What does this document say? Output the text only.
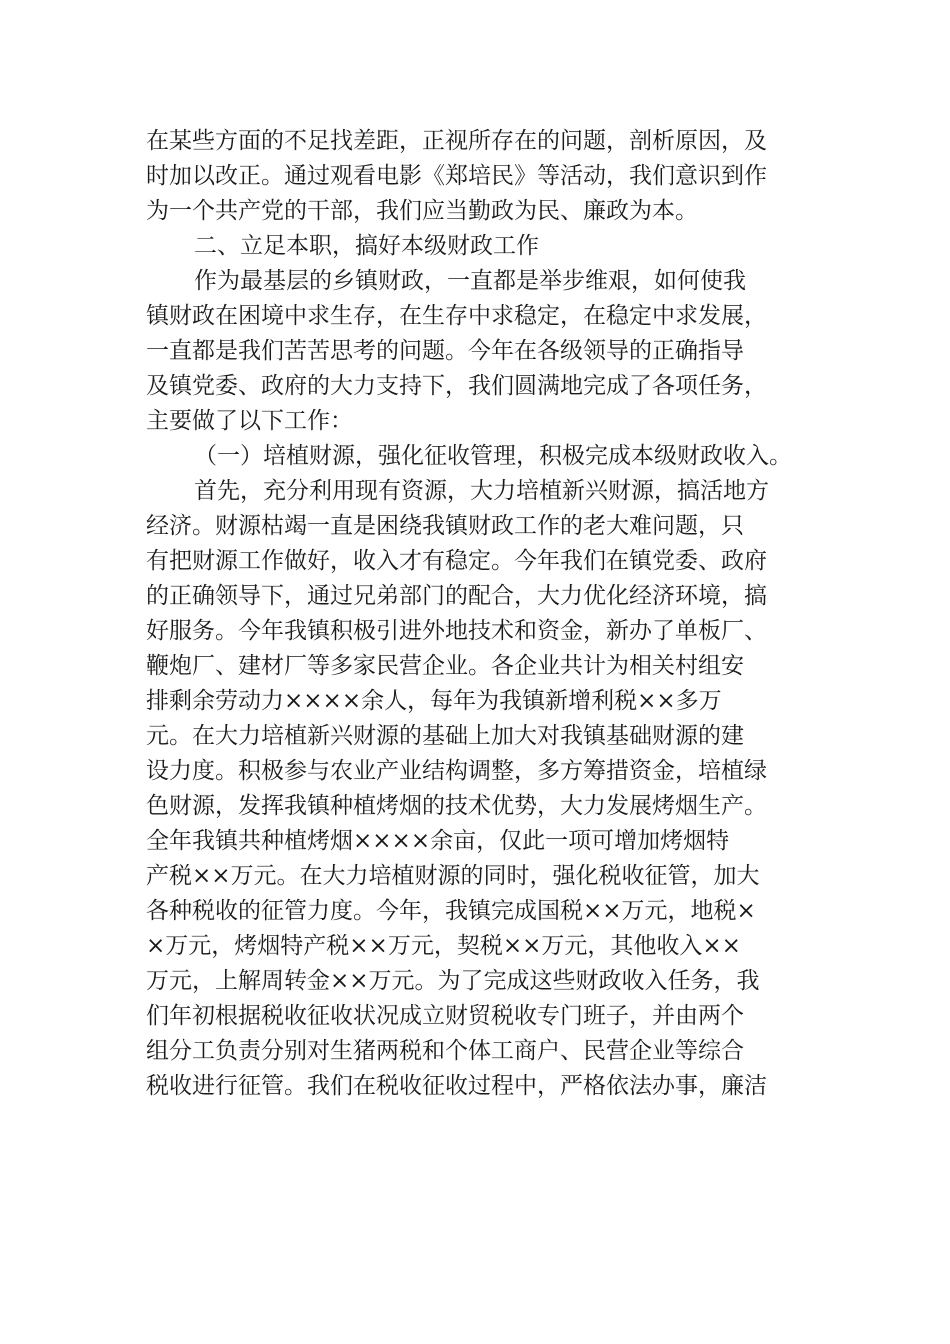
在某些方面的不足找差距，正视所存在的问题，剖析原因，及
时加以改正。通过观看电影《郑培民》等活动，我们意识到作
为一个共产党的干部，我们应当勤政为民、廉政为本。
二、立足本职，搞好本级财政工作
作为最基层的乡镇财政，一直都是举步维艰，如何使我
镇财政在困境中求生存，在生存中求稳定，在稳定中求发展，
一直都是我们苦苦思考的问题。今年在各级领导的正确指导
及镇党委、政府的大力支持下，我们圆满地完成了各项任务，
主要做了以下工作：
（一）培植财源，强化征收管理，积极完成本级财政收入。
首先，充分利用现有资源，大力培植新兴财源，搞活地方
经济。财源枯竭一直是困绕我镇财政工作的老大难问题，只
有把财源工作做好，收入才有稳定。今年我们在镇党委、政府
的正确领导下，通过兄弟部门的配合，大力优化经济环境，搞
好服务。今年我镇积极引进外地技术和资金，新办了单板厂、
鞭炮厂、建材厂等多家民营企业。各企业共计为相关村组安
排剩余劳动力××××余人，每年为我镇新增利税××多万
元。在大力培植新兴财源的基础上加大对我镇基础财源的建
设力度。积极参与农业产业结构调整，多方筹措资金，培植绿
色财源，发挥我镇种植烤烟的技术优势，大力发展烤烟生产。
全年我镇共种植烤烟××××余亩，仅此一项可增加烤烟特
产税××万元。在大力培植财源的同时，强化税收征管，加大
各种税收的征管力度。今年，我镇完成国税××万元，地税×
×万元，烤烟特产税××万元，契税××万元，其他收入××
万元，上解周转金××万元。为了完成这些财政收入任务，我
们年初根据税收征收状况成立财贸税收专门班子，并由两个
组分工负责分别对生猪两税和个体工商户、民营企业等综合
税收进行征管。我们在税收征收过程中，严格依法办事，廉洁
